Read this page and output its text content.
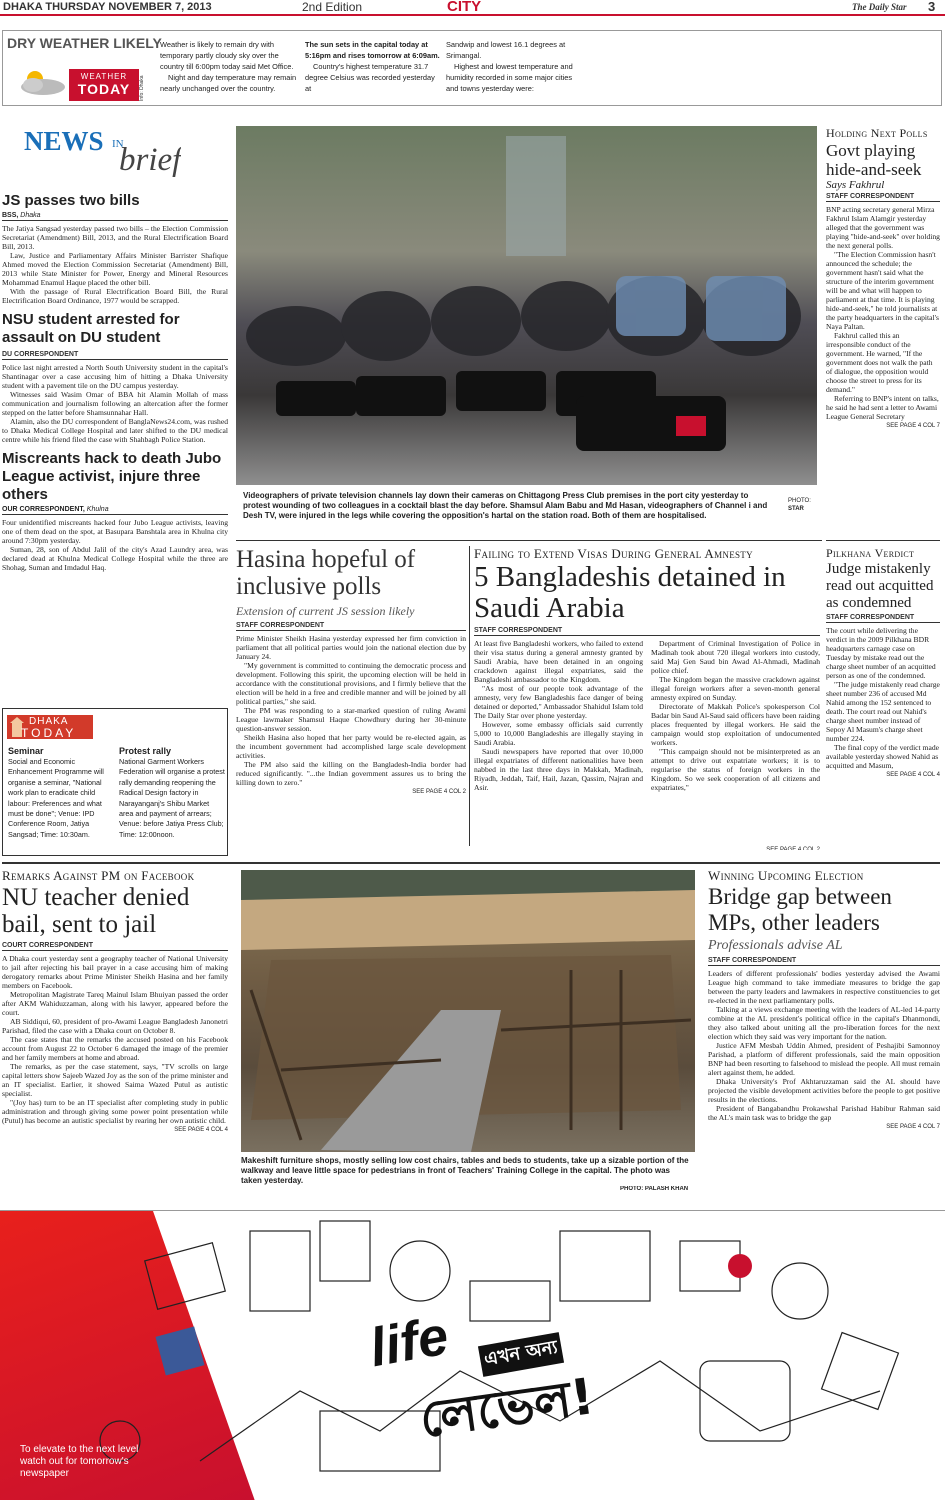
DHAKA THURSDAY NOVEMBER 7, 2013	2nd Edition	CITY	The Daily Star 3
DRY WEATHER LIKELY
WEATHER
TODAY	Info: Dhaka
Weather is likely to remain dry with temporary partly cloudy sky over the country till 6:00pm today said Met Office.
Night and day temperature may remain nearly unchanged over the country.
The sun sets in the capital today at 5:16pm and rises tomorrow at 6:09am.
Country's highest temperature 31.7 degree Celsius was recorded yesterday at
Sandwip and lowest 16.1 degrees at Srimangal.
Highest and lowest temperature and humidity recorded in some major cities and towns yesterday were:

NEWS IN
brief
JS passes two bills
BSS, Dhaka

The Jatiya Sangsad yesterday passed two bills – the Election Commission Secretariat (Amendment) Bill, 2013, and the Rural Electrification Board Bill, 2013.

Law, Justice and Parliamentary Affairs Minister Barrister Shafique Ahmed moved the Election Commission Secretariat (Amendment) Bill, 2013 while State Minister for Power, Energy and Mineral Resources Mohammad Enamul Haque placed the other bill.

With the passage of Rural Electrification Board Bill, the Rural Electrification Board Ordinance, 1977 would be scrapped.

NSU student arrested for assault on DU student
DU CORRESPONDENT

Police last night arrested a North South University student in the capital's Shantinagar over a case accusing him of hitting a Dhaka University student with a pavement tile on the DU campus yesterday.

Witnesses said Wasim Omar of BBA hit Alamin Mollah of mass communication and journalism following an altercation after the former stepped on the latter before Shamsunnahar Hall.

Alamin, also the DU correspondent of BanglaNews24.com, was rushed to Dhaka Medical College Hospital and later shifted to the DU medical centre while his friend filed the case with Shahbagh Police Station.

Miscreants hack to death Jubo League activist, injure three others
OUR CORRESPONDENT, Khulna

Four unidentified miscreants hacked four Jubo League activists, leaving one of them dead on the spot, at Basupara Banshtala area in Khulna city around 7:30pm yesterday.

Suman, 28, son of Abdul Jalil of the city's Azad Laundry area, was declared dead at Khulna Medical College Hospital while the three are Shohag, Suman and Imdadul Haq.

DHAKA
TODAY
Seminar
Social and Economic Enhancement Programme will organise a seminar, "National work plan to eradicate child labour: Preferences and what must be done"; Venue: IPD Conference Room, Jatiya Sangsad; Time: 10:30am.
Protest rally
National Garment Workers Federation will organise a protest rally demanding reopening the Radical Design factory in Narayanganj's Shibu Market area and payment of arrears; Venue: before Jatiya Press Club; Time: 12:00noon.
Videographers of private television channels lay down their cameras on Chittagong Press Club premises in the port city yesterday to protest wounding of two colleagues in a cocktail blast the day before. Shamsul Alam Babu and Md Hasan, videographers of Channel i and Desh TV, were injured in the legs while covering the opposition's hartal on the station road. Both of them are hospitalised.
PHOTO:
STAR
Holding Next Polls
Govt playing hide-and-seek
Says Fakhrul
STAFF CORRESPONDENT

BNP acting secretary general Mirza Fakhrul Islam Alamgir yesterday alleged that the government was playing "hide-and-seek" over holding the next general polls.

"The Election Commission hasn't announced the schedule; the government hasn't said what the structure of the interim government will be and what will happen to parliament at that time. It is playing hide-and-seek," he told journalists at the party headquarters in the capital's Naya Paltan.

Fakhrul called this an irresponsible conduct of the government. He warned, "If the government does not walk the path of dialogue, the opposition would choose the street to press for its demand."

Referring to BNP's intent on talks, he said he had sent a letter to Awami League General Secretary

SEE PAGE 4 COL 7
Hasina hopeful of inclusive polls
Extension of current JS session likely
STAFF CORRESPONDENT

Prime Minister Sheikh Hasina yesterday expressed her firm conviction in parliament that all political parties would join the national election due by January 24.

"My government is committed to continuing the democratic process and development. Following this spirit, the upcoming election will be held in accordance with the constitutional provisions, and I firmly believe that the election will be held in a free and credible manner and will be joined by all political parties," she said.

The PM was responding to a star-marked question of ruling Awami League lawmaker Shamsul Haque Chowdhury during her 30-minute question-answer session.

Sheikh Hasina also hoped that her party would be re-elected again, as the incumbent government had accomplished large scale development activities.

The PM also said the killing on the Bangladesh-India border had reduced significantly. "...the Indian government assures us to bring the killing down to zero."

SEE PAGE 4 COL 2
Failing to Extend Visas During General Amnesty
5 Bangladeshis detained in Saudi Arabia
STAFF CORRESPONDENT

At least five Bangladeshi workers, who failed to extend their visa status during a general amnesty granted by Saudi Arabia, have been detained in an ongoing crackdown against illegal expatriates, said the Bangladeshi ambassador to the Kingdom.

"As most of our people took advantage of the amnesty, very few Bangladeshis face danger of being detained or deported," Ambassador Shahidul Islam told The Daily Star over phone yesterday.

However, some embassy officials said currently 5,000 to 10,000 Bangladeshis are illegally staying in Saudi Arabia.

Saudi newspapers have reported that over 10,000 illegal expatriates of different nationalities have been nabbed in the last three days in Makkah, Madinah, Riyadh, Jeddah, Taif, Hail, Jazan, Qassim, Najran and Asir.

Department of Criminal Investigation of Police in Madinah took about 720 illegal workers into custody, said Maj Gen Saud bin Awad Al-Ahmadi, Madinah police chief.

The Kingdom began the massive crackdown against illegal foreign workers after a seven-month general amnesty expired on Sunday.

Directorate of Makkah Police's spokesperson Col Badar bin Saud Al-Saud said officers have been raiding places frequented by illegal workers. He said the campaign would stop exploitation of undocumented workers.

"This campaign should not be misinterpreted as an attempt to drive out expatriate workers; it is to regularise the status of foreign workers in the Kingdom. So we seek cooperation of all citizens and expatriates,"

SEE PAGE 4 COL 2
Pilkhana Verdict
Judge mistakenly read out acquitted as condemned
STAFF CORRESPONDENT

The court while delivering the verdict in the 2009 Pilkhana BDR headquarters carnage case on Tuesday by mistake read out the charge sheet number of an acquitted person as one of the condemned.

"The judge mistakenly read charge sheet number 236 of accused Md Nahid among the 152 sentenced to death. The court read out Nahid's charge sheet number instead of Sepoy Al Masum's charge sheet number 224.

The final copy of the verdict made available yesterday showed Nahid as acquitted and Masum,

SEE PAGE 4 COL 4
Remarks Against PM on Facebook
NU teacher denied bail, sent to jail
COURT CORRESPONDENT

A Dhaka court yesterday sent a geography teacher of National University to jail after rejecting his bail prayer in a case accusing him of making derogatory remarks about Prime Minister Sheikh Hasina and her family members on Facebook.

Metropolitan Magistrate Tareq Mainul Islam Bhuiyan passed the order after AKM Wahiduzzaman, along with his lawyer, appeared before the court.

AB Siddiqui, 60, president of pro-Awami League Bangladesh Janonetri Parishad, filed the case with a Dhaka court on October 8.

The case states that the remarks the accused posted on his Facebook account from August 22 to October 6 damaged the image of the premier and her family members at home and abroad.

The remarks, as per the case statement, says, "TV scrolls on large capital letters show Sajeeb Wazed Joy as the son of the prime minister and an IT specialist. Earlier, it showed Saima Wazed Putul as autistic specialist.

"(Joy has) turn to be an IT specialist after completing study in public administration and through giving some power point presentation while (Putul) has become an autistic specialist by rearing her own autistic child.

SEE PAGE 4 COL 4
Makeshift furniture shops, mostly selling low cost chairs, tables and beds to students, take up a sizable portion of the walkway and leave little space for pedestrians in front of Teachers' Training College in the capital. The photo was taken yesterday.
PHOTO: PALASH KHAN
Winning Upcoming Election
Bridge gap between MPs, other leaders
Professionals advise AL
STAFF CORRESPONDENT

Leaders of different professionals' bodies yesterday advised the Awami League high command to take immediate measures to bridge the gap between the party leaders and lawmakers in respective constituencies to get re-elected in the next parliamentary polls.

Talking at a views exchange meeting with the leaders of AL-led 14-party combine at the AL president's political office in the capital's Dhanmondi, they also talked about uniting all the pro-liberation forces for the next election which they said was very important for the nation.

Justice AFM Mesbah Uddin Ahmed, president of Peshajibi Samonnoy Parishad, a platform of different professionals, said the main opposition BNP had been resorting to falsehood to mislead the people. All must remain alert against them, he added.

Dhaka University's Prof Akhtaruzzaman said the AL should have projected the visible development activities before the people to get positive results in the elections.

President of Bangabandhu Prokawshal Parishad Habibur Rahman said the AL's main task was to bridge the gap

SEE PAGE 4 COL 7
life এখন অন্য
লেভেল!
To elevate to the next level watch out for tomorrow's newspaper
